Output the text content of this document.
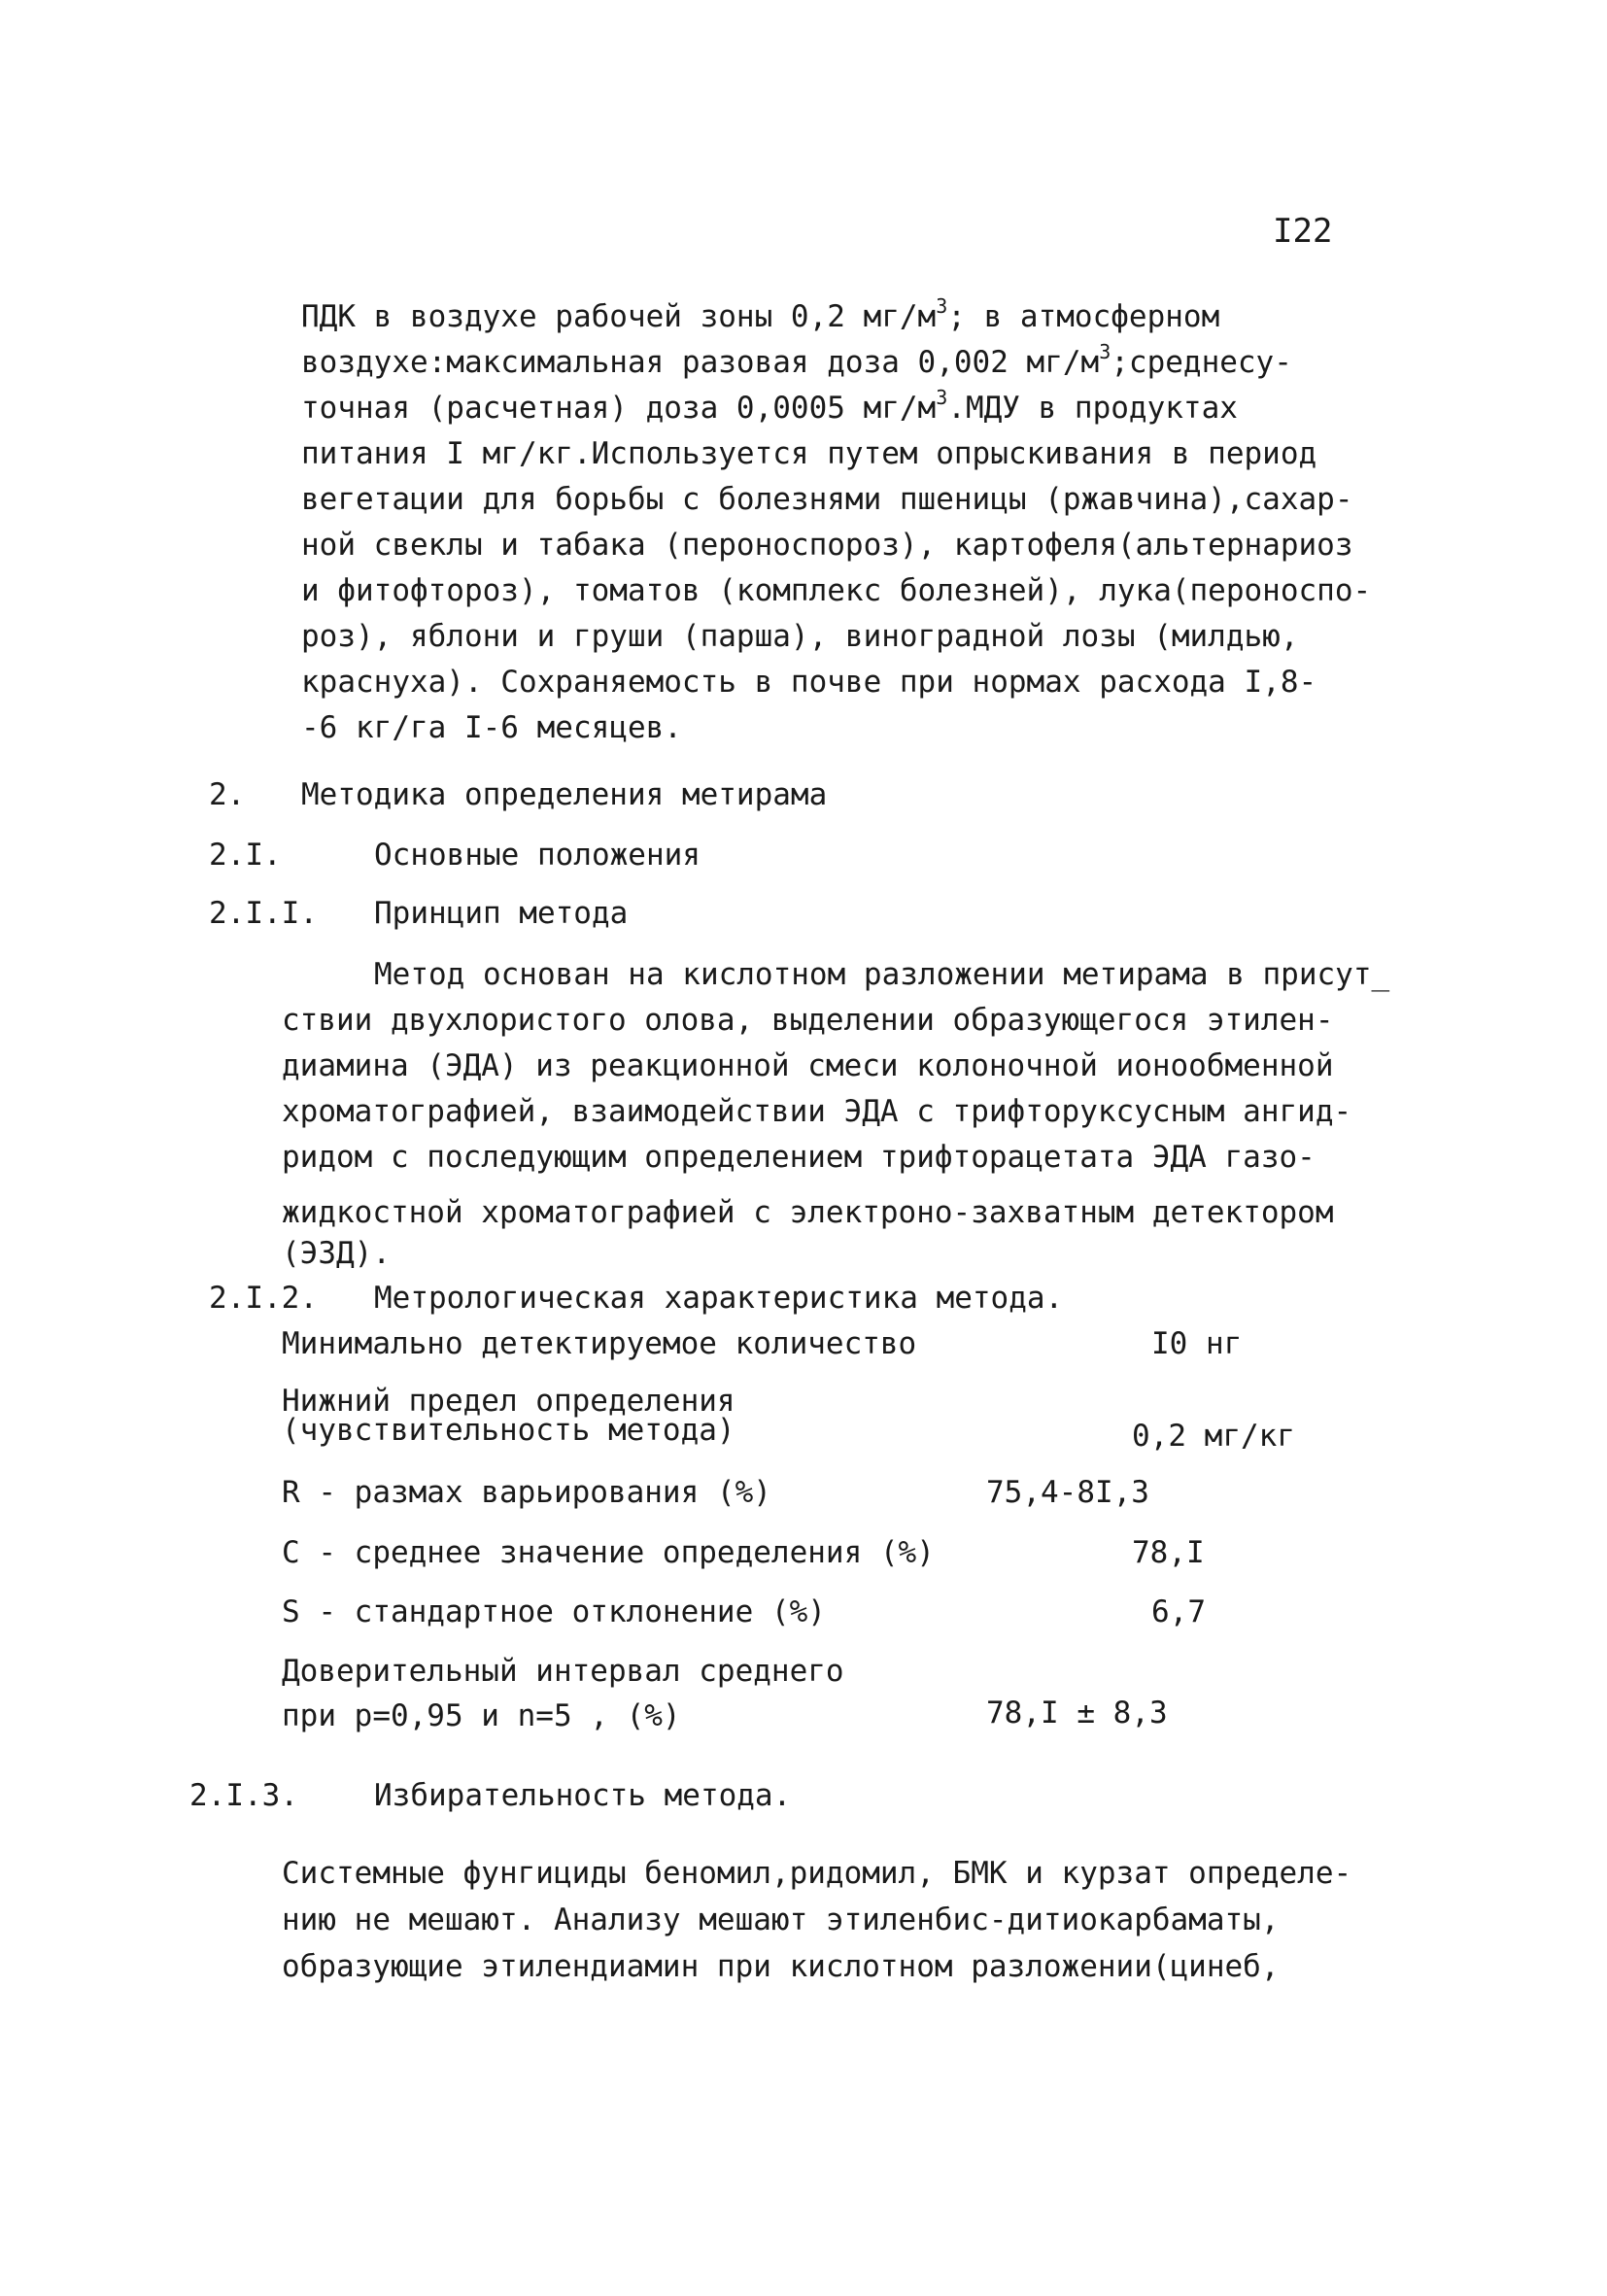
I22
ПДК в воздухе рабочей зоны 0,2 $мг/м^3$; в атмосферном
воздухе:максимальная разовая доза 0,002 $мг/м^3;среднесу-$
точная (расчетная) доза 0,0005 $мг/м^3.МДУ$ в продуктах
питания I мг/кг.Используется путем опрыскивания в период
вегетации для борьбы с болезнями пшеницы (ржавчина),сахар-
ной свеклы и табака (пероноспороз), картофеля(альтернариоз
и фитофтороз), томатов (комплекс болезней), лука(пероноспо-
роз), яблони и груши (парша), виноградной лозы (милдью,
краснуха). Сохраняемость в почве при нормах расхода I,8-
-6 кг/га I-6 месяцев.
2. Методика определения метирама
2.I.	Основные положения
2.I.I. Принцип метода
Метод основан на кислотном разложении метирама в присут_
ствии двухлористого олова, выделении образующегося этилен-
диамина (ЭДА) из реакционной смеси колоночной ионообменной
хроматографией, взаимодействии ЭДА с трифторуксусным ангид-
ридом с последующим определением трифторацетата ЭДА газо-
жидкостной хроматографией с электроно-захватным детектором
(ЭЗД).
2.I.2. Метрологическая характеристика метода.
Минимально детектируемое количество	I0 нг
Нижний предел определения
(чувствительность метода)	0,2 мг/кг
R - размах варьирования (%)	75,4-8I,3
C - среднее значение определения (%)	78,I
S - стандартное отклонение (%)	6,7
Доверительный интервал среднего
при р=0,95 и n=5 , (%)	78,I ± 8,3
2.I.3.	Избирательность метода.
Системные фунгициды беномил,ридомил, БМК и курзат определе-
нию не мешают. Анализу мешают этиленбис-дитиокарбаматы,
образующие этилендиамин при кислотном разложении(цинеб,
